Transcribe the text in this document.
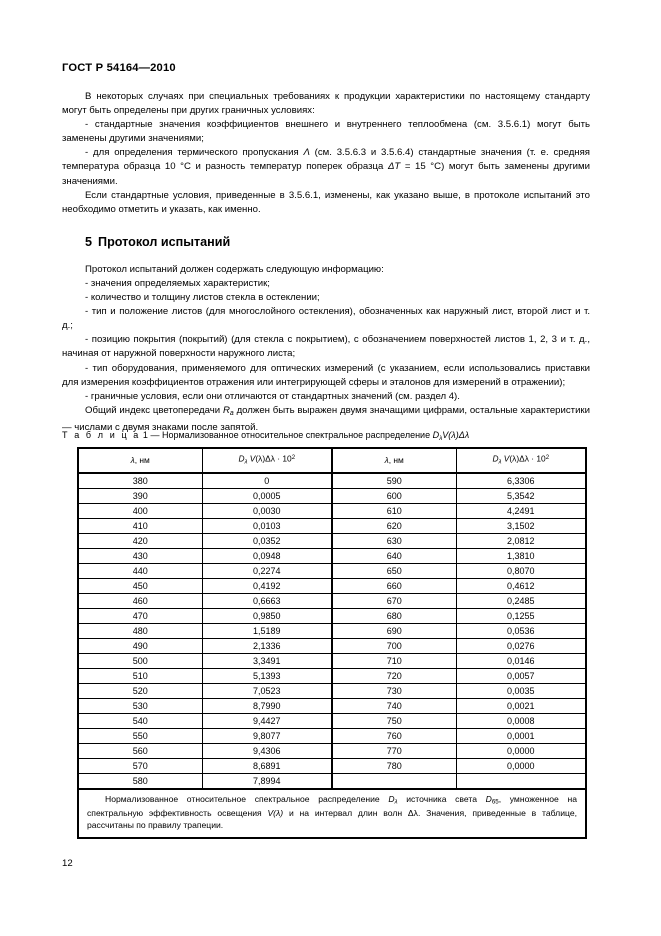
ГОСТ Р 54164—2010

В некоторых случаях при специальных требованиях к продукции характеристики по настоящему стандарту могут быть определены при других граничных условиях:

- стандартные значения коэффициентов внешнего и внутреннего теплообмена (см. 3.5.6.1) могут быть заменены другими значениями;

- для определения термического пропускания Λ (см. 3.5.6.3 и 3.5.6.4) стандартные значения (т. е. средняя температура образца 10 °С и разность температур поперек образца ΔT = 15 °С) могут быть заменены другими значениями.

Если стандартные условия, приведенные в 3.5.6.1, изменены, как указано выше, в протоколе испытаний это необходимо отметить и указать, как именно.

5 Протокол испытаний

Протокол испытаний должен содержать следующую информацию:

- значения определяемых характеристик;

- количество и толщину листов стекла в остеклении;

- тип и положение листов (для многослойного остекления), обозначенных как наружный лист, второй лист и т. д.;

- позицию покрытия (покрытий) (для стекла с покрытием), с обозначением поверхностей листов 1, 2, 3 и т. д., начиная от наружной поверхности наружного листа;

- тип оборудования, применяемого для оптических измерений (с указанием, если использовались приставки для измерения коэффициентов отражения или интегрирующей сферы и эталонов для измерений в отражении);

- граничные условия, если они отличаются от стандартных значений (см. раздел 4).

Общий индекс цветопередачи $R_a$ должен быть выражен двумя значащими цифрами, остальные характеристики — числами с двумя знаками после запятой.

Т а б л и ц а 1 — Нормализованное относительное спектральное распределение $D_\lambda V(\lambda)\Delta\lambda$
λ, нм	$D_\lambda$ $V(\lambda)\Delta\lambda \cdot 10^2$	λ, нм	$D_\lambda$ $V(\lambda)\Delta\lambda \cdot 10^2$
380	0	590	6,3306
390	0,0005	600	5,3542
400	0,0030	610	4,2491
410	0,0103	620	3,1502
420	0,0352	630	2,0812
430	0,0948	640	1,3810
440	0,2274	650	0,8070
450	0,4192	660	0,4612
460	0,6663	670	0,2485
470	0,9850	680	0,1255
480	1,5189	690	0,0536
490	2,1336	700	0,0276
500	3,3491	710	0,0146
510	5,1393	720	0,0057
520	7,0523	730	0,0035
530	8,7990	740	0,0021
540	9,4427	750	0,0008
550	9,8077	760	0,0001
560	9,4306	770	0,0000
570	8,6891	780	0,0000
580	7,8994		

Нормализованное относительное спектральное распределение $D_\lambda$ источника света $D_{65}$, умноженное на спектральную эффективность освещения V(λ) и на интервал длин волн Δλ. Значения, приведенные в таблице, рассчитаны по правилу трапеции.			

12
